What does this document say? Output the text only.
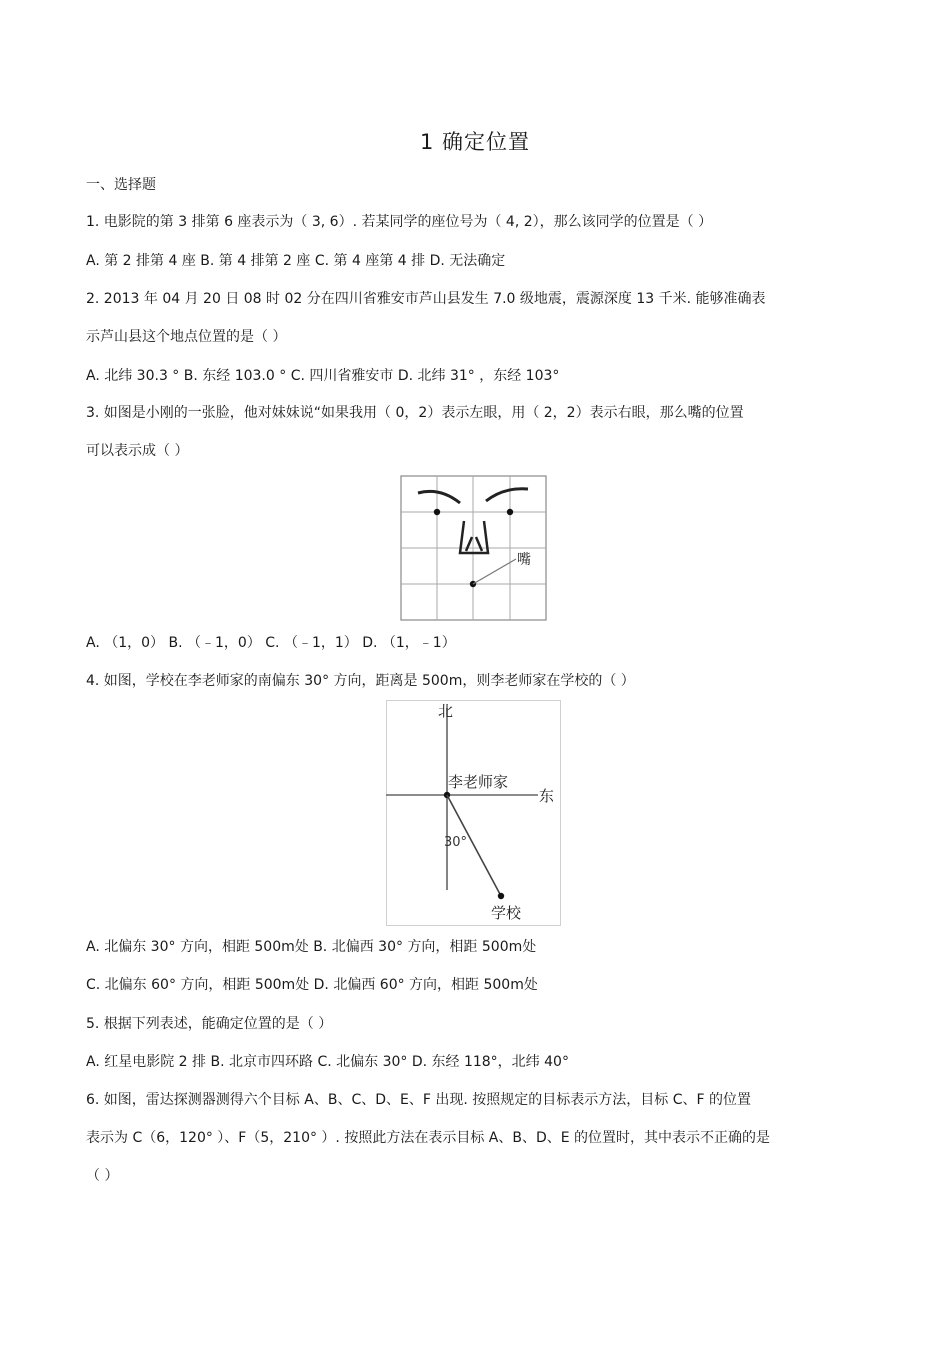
1 确定位置
一、选择题
1. 电影院的第 3 排第 6 座表示为（ 3, 6）. 若某同学的座位号为（ 4, 2），那么该同学的位置是（ ）
A. 第 2 排第 4 座 B. 第 4 排第 2 座 C. 第 4 座第 4 排 D. 无法确定
2. 2013 年 04 月 20 日 08 时 02 分在四川省雅安市芦山县发生 7.0 级地震，震源深度 13 千米. 能够准确表
示芦山县这个地点位置的是（ ）
A. 北纬 30.3 ° B. 东经 103.0 ° C. 四川省雅安市 D. 北纬 31° ，东经 103°
3. 如图是小刚的一张脸，他对妹妹说“如果我用（ 0，2）表示左眼，用（ 2，2）表示右眼，那么嘴的位置
可以表示成（ ）
嘴
A. （1，0） B. （﹣1，0） C. （﹣1，1） D. （1，﹣1）
4. 如图，学校在李老师家的南偏东 30° 方向，距离是 500m，则李老师家在学校的（ ）
北
东
李老师家
30°
学校
A. 北偏东 30° 方向，相距 500m处 B. 北偏西 30° 方向，相距 500m处
C. 北偏东 60° 方向，相距 500m处 D. 北偏西 60° 方向，相距 500m处
5. 根据下列表述，能确定位置的是（ ）
A. 红星电影院 2 排 B. 北京市四环路 C. 北偏东 30° D. 东经 118°，北纬 40°
6. 如图，雷达探测器测得六个目标 A、B、C、D、E、F 出现. 按照规定的目标表示方法，目标 C、F 的位置
表示为 C（6，120° ）、F（5，210° ）. 按照此方法在表示目标 A、B、D、E 的位置时，其中表示不正确的是
（ ）
